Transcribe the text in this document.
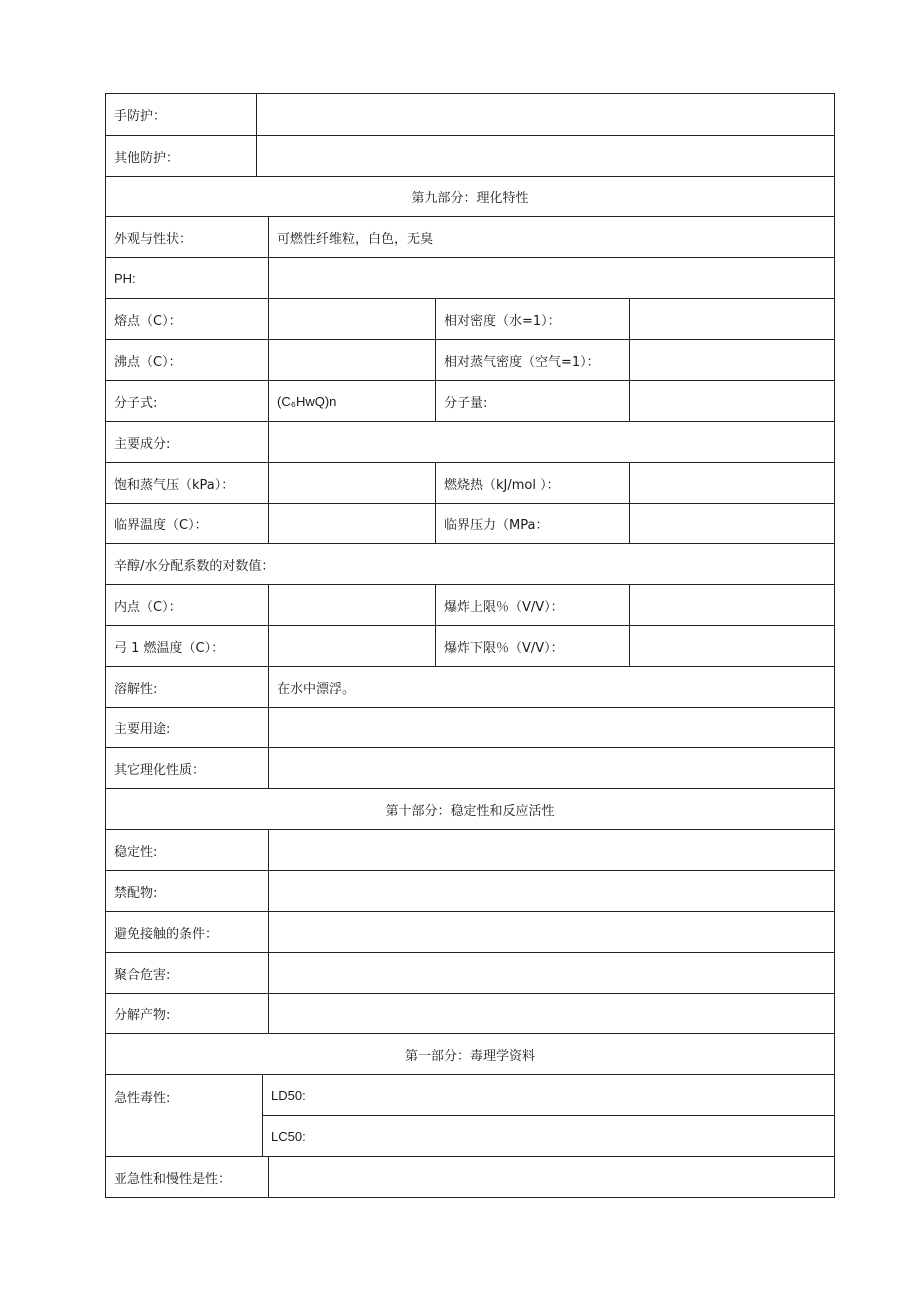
手防护：
其他防护：
第九部分：理化特性
外观与性状：	可燃性纤维粒，白色，无臭
PH:
熔点（C）：	相对密度（水=1）：
沸点（C）：	相对蒸气密度（空气=1）：
分子式:	(C₆HwQ)n	分子量:
主要成分:
饱和蒸气压（kPa）：	燃烧热（kJ/mol ）：
临界温度（C）：	临界压力（MPa：
辛醇/水分配系数的对数值：
内点（C）：	爆炸上限％（V/V）：
弓 1 燃温度（C）：	爆炸下限％（V/V）：
溶解性:	在水中漂浮。
主要用途:
其它理化性质：
第十部分：稳定性和反应活性
稳定性:
禁配物:
避免接触的条件：
聚合危害:
分解产物:
第一部分：毒理学资料
急性毒性:	LD50:
LC50:
亚急性和慢性是性：
